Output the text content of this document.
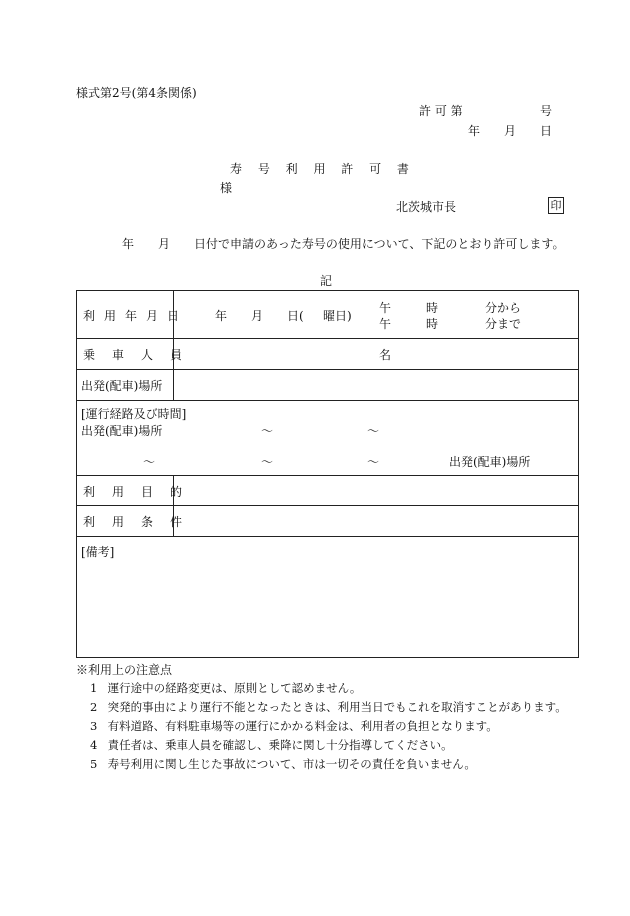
様式第2号(第4条関係)
許 可 第	号
年 月 日
寿 号 利 用 許 可 書
様
北茨城市長	印
年 月 日付で申請のあった寿号の使用について、下記のとおり許可します。
記
利用年月日 年 月 日( 曜日)
午	時	分から
午	時	分まで
乗車人員	名
出発(配車)場所
[運行経路及び時間]
出発(配車)場所	〜	〜
〜	〜	〜	出発(配車)場所
利用目的
利用条件
[備考]
※利用上の注意点
1 運行途中の経路変更は、原則として認めません。
2 突発的事由により運行不能となったときは、利用当日でもこれを取消すことがあります。
3 有料道路、有料駐車場等の運行にかかる料金は、利用者の負担となります。
4 責任者は、乗車人員を確認し、乗降に関し十分指導してください。
5 寿号利用に関し生じた事故について、市は一切その責任を負いません。
